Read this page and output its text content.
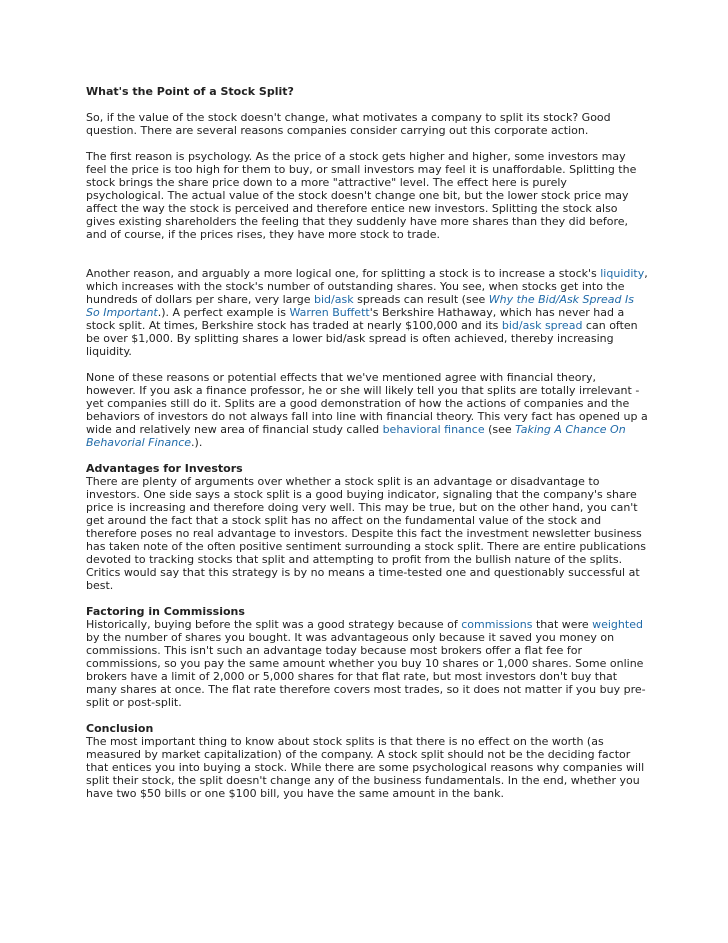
What's the Point of a Stock Split?

So, if the value of the stock doesn't change, what motivates a company to split its stock? Good question. There are several reasons companies consider carrying out this corporate action.

The first reason is psychology. As the price of a stock gets higher and higher, some investors may feel the price is too high for them to buy, or small investors may feel it is unaffordable. Splitting the stock brings the share price down to a more "attractive" level. The effect here is purely psychological. The actual value of the stock doesn't change one bit, but the lower stock price may affect the way the stock is perceived and therefore entice new investors. Splitting the stock also gives existing shareholders the feeling that they suddenly have more shares than they did before, and of course, if the prices rises, they have more stock to trade.

Another reason, and arguably a more logical one, for splitting a stock is to increase a stock's liquidity, which increases with the stock's number of outstanding shares. You see, when stocks get into the hundreds of dollars per share, very large bid/ask spreads can result (see Why the Bid/Ask Spread Is So Important.). A perfect example is Warren Buffett's Berkshire Hathaway, which has never had a stock split. At times, Berkshire stock has traded at nearly $100,000 and its bid/ask spread can often be over $1,000. By splitting shares a lower bid/ask spread is often achieved, thereby increasing liquidity.

None of these reasons or potential effects that we've mentioned agree with financial theory, however. If you ask a finance professor, he or she will likely tell you that splits are totally irrelevant - yet companies still do it. Splits are a good demonstration of how the actions of companies and the behaviors of investors do not always fall into line with financial theory. This very fact has opened up a wide and relatively new area of financial study called behavioral finance (see Taking A Chance On Behavorial Finance.).

Advantages for Investors

There are plenty of arguments over whether a stock split is an advantage or disadvantage to investors. One side says a stock split is a good buying indicator, signaling that the company's share price is increasing and therefore doing very well. This may be true, but on the other hand, you can't get around the fact that a stock split has no affect on the fundamental value of the stock and therefore poses no real advantage to investors. Despite this fact the investment newsletter business has taken note of the often positive sentiment surrounding a stock split. There are entire publications devoted to tracking stocks that split and attempting to profit from the bullish nature of the splits. Critics would say that this strategy is by no means a time-tested one and questionably successful at best.

Factoring in Commissions

Historically, buying before the split was a good strategy because of commissions that were weighted by the number of shares you bought. It was advantageous only because it saved you money on commissions. This isn't such an advantage today because most brokers offer a flat fee for commissions, so you pay the same amount whether you buy 10 shares or 1,000 shares. Some online brokers have a limit of 2,000 or 5,000 shares for that flat rate, but most investors don't buy that many shares at once. The flat rate therefore covers most trades, so it does not matter if you buy pre-split or post-split.

Conclusion

The most important thing to know about stock splits is that there is no effect on the worth (as measured by market capitalization) of the company. A stock split should not be the deciding factor that entices you into buying a stock. While there are some psychological reasons why companies will split their stock, the split doesn't change any of the business fundamentals. In the end, whether you have two $50 bills or one $100 bill, you have the same amount in the bank.
